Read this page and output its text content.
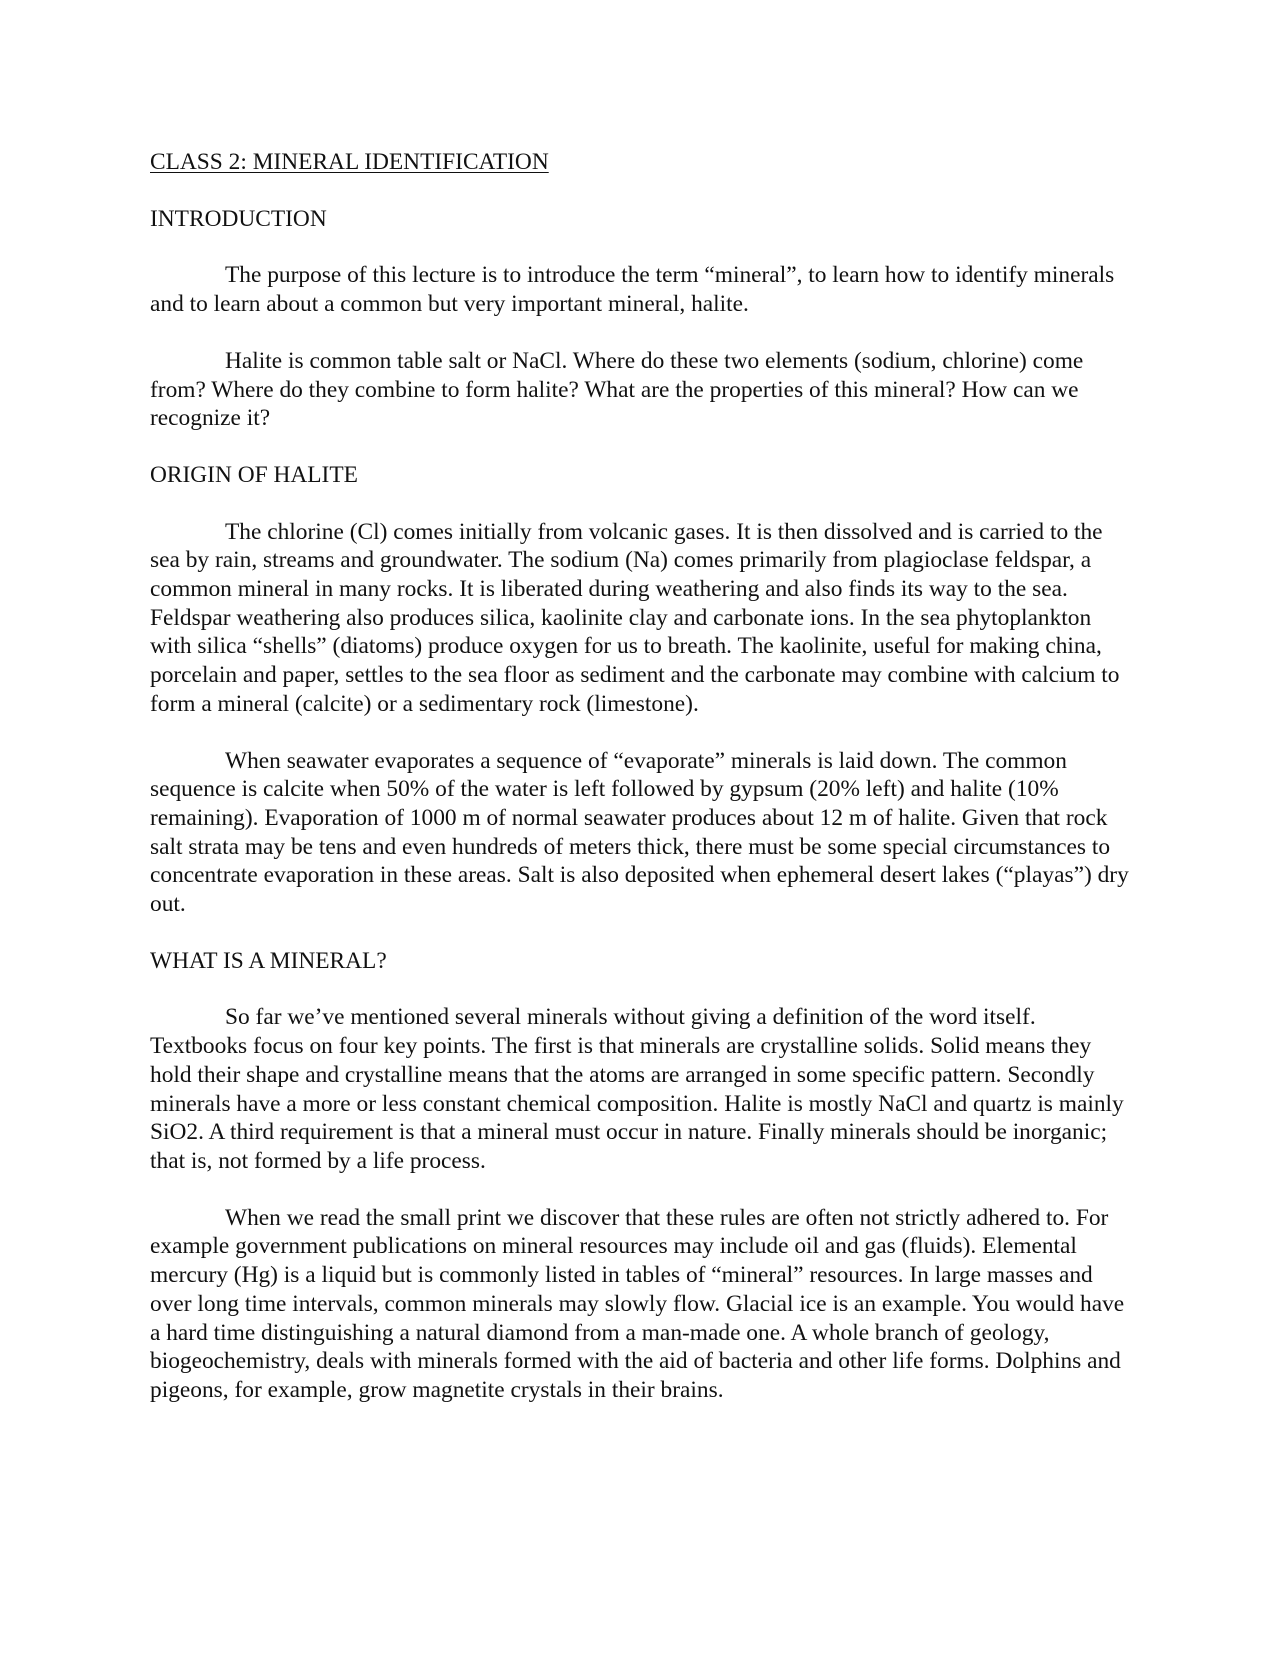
CLASS 2: MINERAL IDENTIFICATION
INTRODUCTION

The purpose of this lecture is to introduce the term “mineral”, to learn how to identify minerals and to learn about a common but very important mineral, halite.

Halite is common table salt or NaCl. Where do these two elements (sodium, chlorine) come from? Where do they combine to form halite? What are the properties of this mineral? How can we recognize it?

ORIGIN OF HALITE

The chlorine (Cl) comes initially from volcanic gases. It is then dissolved and is carried to the sea by rain, streams and groundwater. The sodium (Na) comes primarily from plagioclase feldspar, a common mineral in many rocks. It is liberated during weathering and also finds its way to the sea. Feldspar weathering also produces silica, kaolinite clay and carbonate ions. In the sea phytoplankton with silica “shells” (diatoms) produce oxygen for us to breath. The kaolinite, useful for making china, porcelain and paper, settles to the sea floor as sediment and the carbonate may combine with calcium to form a mineral (calcite) or a sedimentary rock (limestone).

When seawater evaporates a sequence of “evaporate” minerals is laid down. The common sequence is calcite when 50% of the water is left followed by gypsum (20% left) and halite (10% remaining). Evaporation of 1000 m of normal seawater produces about 12 m of halite. Given that rock salt strata may be tens and even hundreds of meters thick, there must be some special circumstances to concentrate evaporation in these areas. Salt is also deposited when ephemeral desert lakes (“playas”) dry out.

WHAT IS A MINERAL?

So far we’ve mentioned several minerals without giving a definition of the word itself. Textbooks focus on four key points. The first is that minerals are crystalline solids. Solid means they hold their shape and crystalline means that the atoms are arranged in some specific pattern. Secondly minerals have a more or less constant chemical composition. Halite is mostly NaCl and quartz is mainly SiO2. A third requirement is that a mineral must occur in nature. Finally minerals should be inorganic; that is, not formed by a life process.

When we read the small print we discover that these rules are often not strictly adhered to. For example government publications on mineral resources may include oil and gas (fluids). Elemental mercury (Hg) is a liquid but is commonly listed in tables of “mineral” resources. In large masses and over long time intervals, common minerals may slowly flow. Glacial ice is an example. You would have a hard time distinguishing a natural diamond from a man-made one. A whole branch of geology, biogeochemistry, deals with minerals formed with the aid of bacteria and other life forms. Dolphins and pigeons, for example, grow magnetite crystals in their brains.
